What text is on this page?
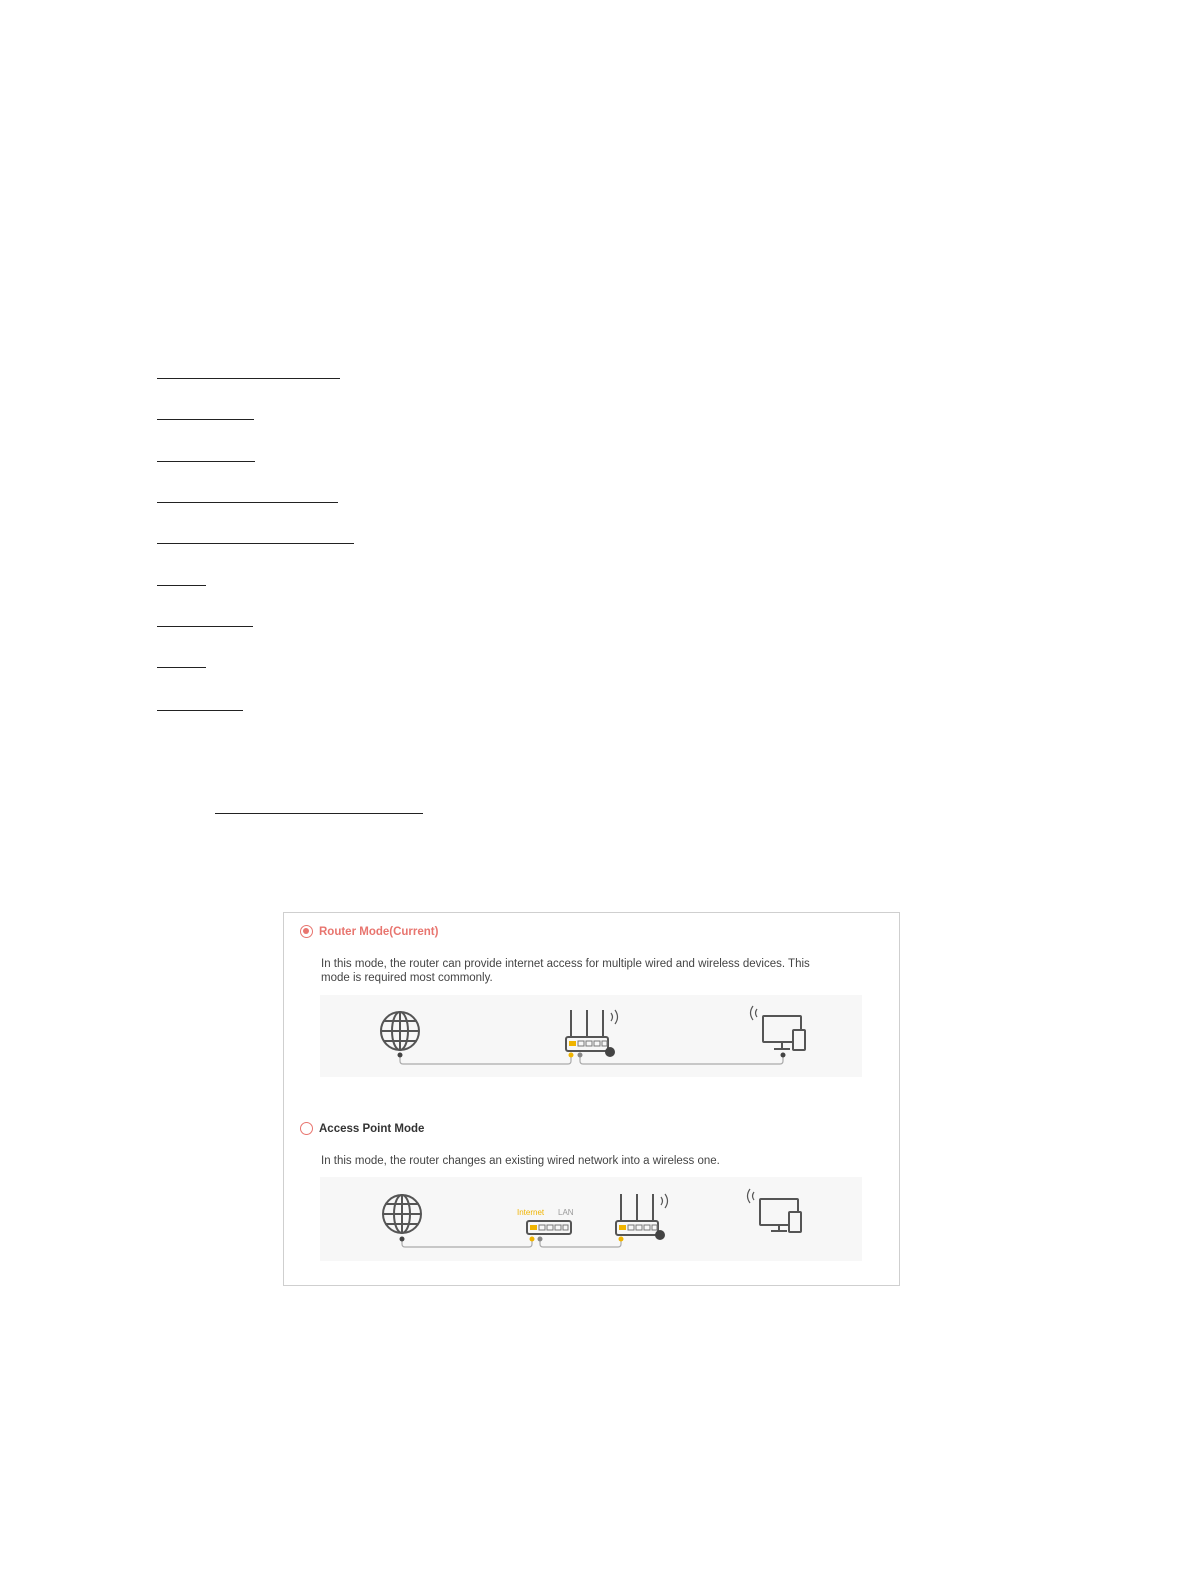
Router Mode(Current)
In this mode, the router can provide internet access for multiple wired and wireless devices. This mode is required most commonly.
Access Point Mode
In this mode, the router changes an existing wired network into a wireless one.
Internet LAN
